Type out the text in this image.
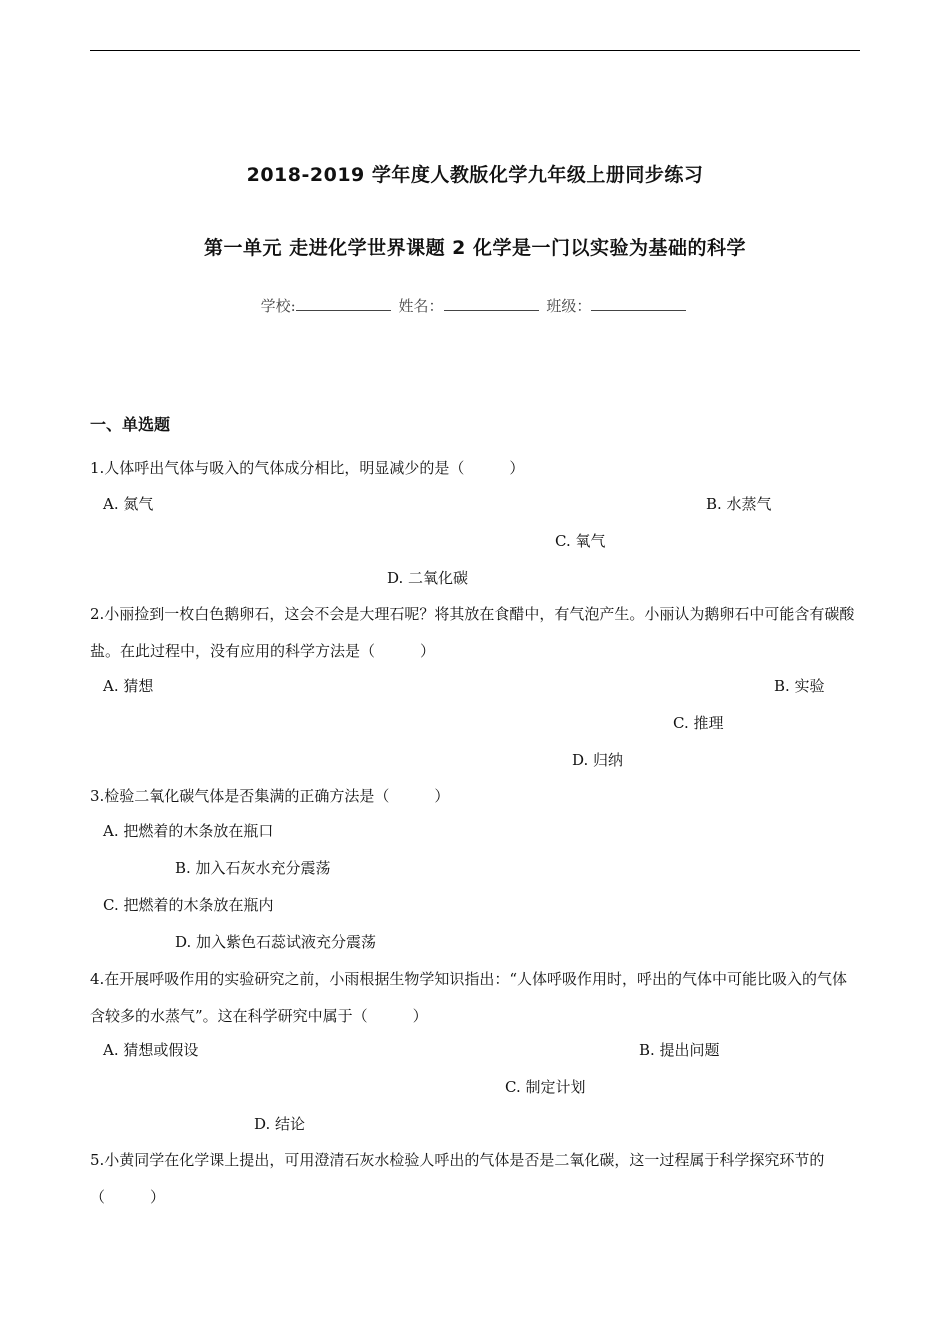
2018-2019 学年度人教版化学九年级上册同步练习
第一单元 走进化学世界课题 2 化学是一门以实验为基础的科学
学校:	姓名：	班级：
一、单选题
1.人体呼出气体与吸入的气体成分相比，明显减少的是（　　　）
A. 氮气	B. 水蒸气
C. 氧气
D. 二氧化碳
2.小丽捡到一枚白色鹅卵石，这会不会是大理石呢？将其放在食醋中，有气泡产生。小丽认为鹅卵石中可能含有碳酸盐。在此过程中，没有应用的科学方法是（　　　）
A. 猜想	B. 实验
C. 推理
D. 归纳
3.检验二氧化碳气体是否集满的正确方法是（　　　）
A. 把燃着的木条放在瓶口
B. 加入石灰水充分震荡
C. 把燃着的木条放在瓶内
D. 加入紫色石蕊试液充分震荡
4.在开展呼吸作用的实验研究之前，小雨根据生物学知识指出：“人体呼吸作用时，呼出的气体中可能比吸入的气体含较多的水蒸气”。这在科学研究中属于（　　　）
A. 猜想或假设	B. 提出问题
C. 制定计划
D. 结论
5.小黄同学在化学课上提出，可用澄清石灰水检验人呼出的气体是否是二氧化碳，这一过程属于科学探究环节的（　　　）
